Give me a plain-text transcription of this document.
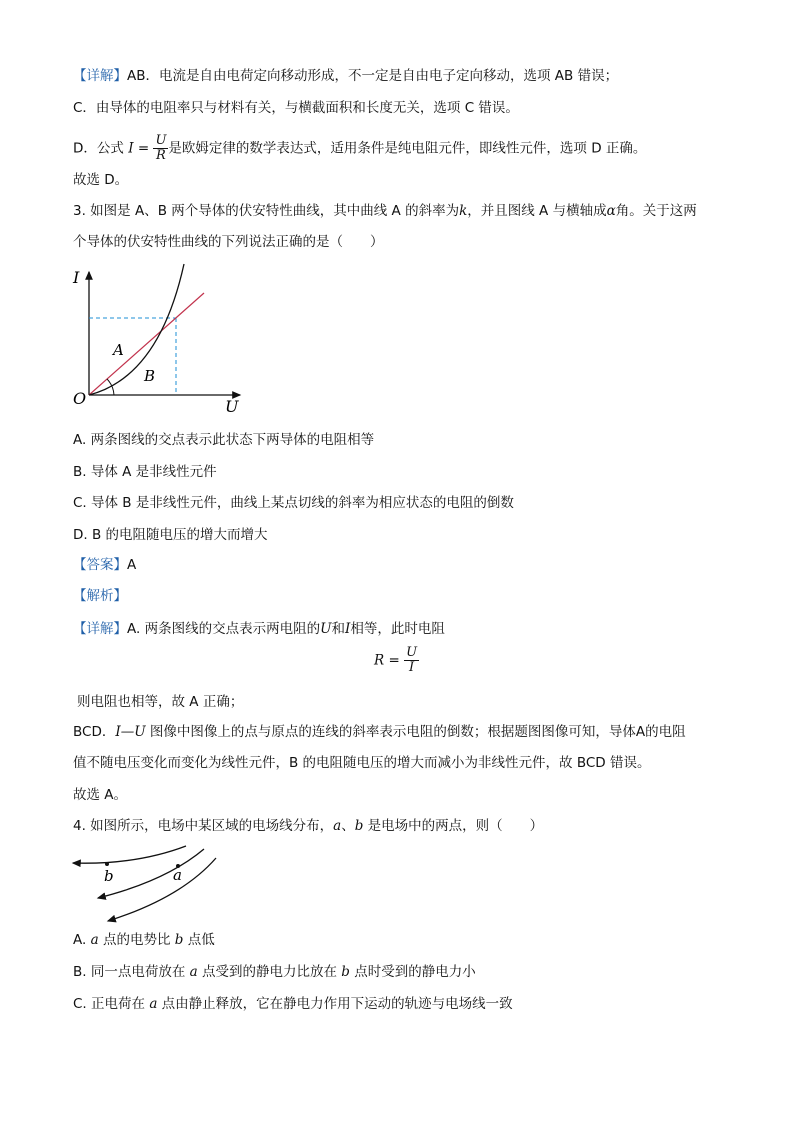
【详解】AB．电流是自由电荷定向移动形成，不一定是自由电子定向移动，选项 AB 错误；
C．由导体的电阻率只与材料有关，与横截面积和长度无关，选项 C 错误。
D．公式 $I = \frac{U}{R}$ 是欧姆定律的数学表达式，适用条件是纯电阻元件，即线性元件，选项 D 正确。
故选 D。
3. 如图是 A、B 两个导体的伏安特性曲线，其中曲线 A 的斜率为k，并且图线 A 与横轴成α角。关于这两
个导体的伏安特性曲线的下列说法正确的是（　　）
I
U
O
A
B
A. 两条图线的交点表示此状态下两导体的电阻相等
B. 导体 A 是非线性元件
C. 导体 B 是非线性元件，曲线上某点切线的斜率为相应状态的电阻的倒数
D. B 的电阻随电压的增大而增大
【答案】A
【解析】
【详解】A. 两条图线的交点表示两电阻的U和I相等，此时电阻
$R = \frac{U}{I}$
则电阻也相等，故 A 正确；
BCD．I—U 图像中图像上的点与原点的连线的斜率表示电阻的倒数；根据题图图像可知，导体A的电阻
值不随电压变化而变化为线性元件，B 的电阻随电压的增大而减小为非线性元件，故 BCD 错误。
故选 A。
4. 如图所示，电场中某区域的电场线分布，a、b 是电场中的两点，则（　　）
b	a
A. a 点的电势比 b 点低
B. 同一点电荷放在 a 点受到的静电力比放在 b 点时受到的静电力小
C. 正电荷在 a 点由静止释放，它在静电力作用下运动的轨迹与电场线一致
